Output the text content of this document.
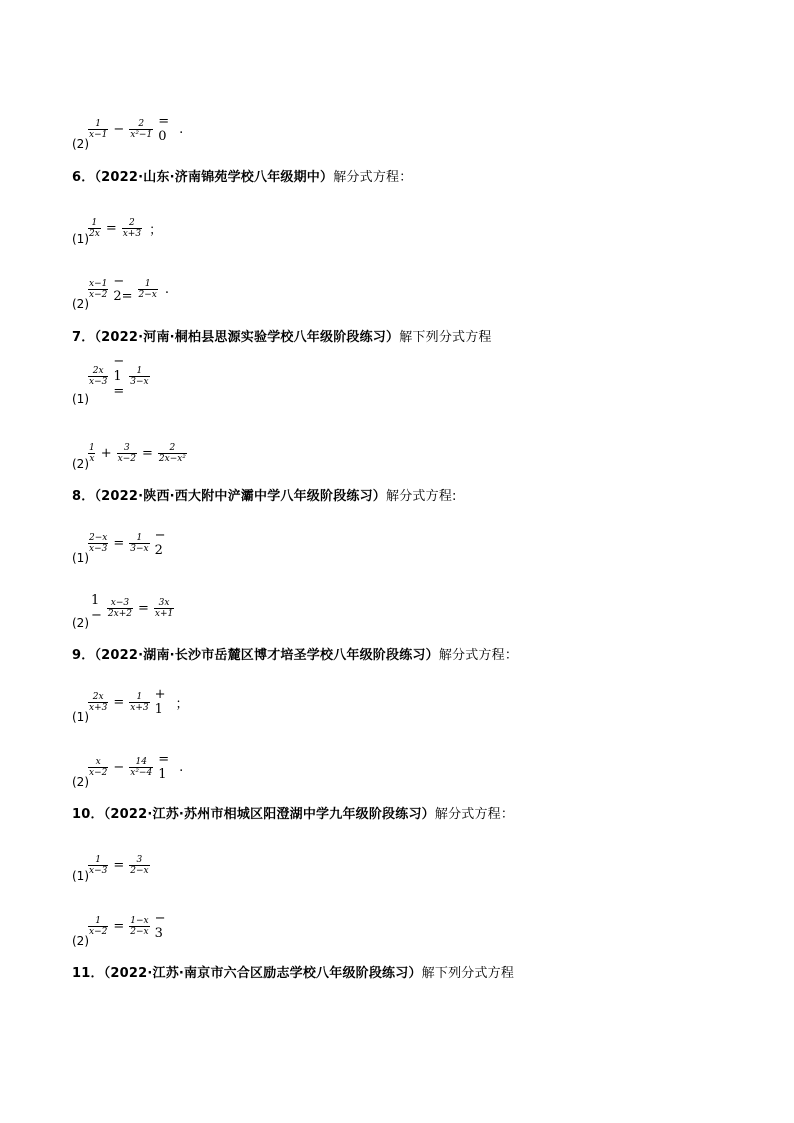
(2)
$\frac{1}{x-1} - \frac{2}{\text{x²−1}} = 0$ .
6．（2022·山东·济南锦苑学校八年级期中）解分式方程：
$(1) \frac{1}{2x} = \frac{2}{x+3}$ ；
(2)
$\frac{x-1}{x-2} - 2= \frac{1}{2-x}$ .
7．（2022·河南·桐柏县思源实验学校八年级阶段练习）解下列分式方程
(1)
$\frac{2x}{x-3}$
− 1 =
$\frac{1}{3-x}$
$(2) \frac{1}{x} + \frac{3}{x-2} = \frac{2}{\text{2x−x²}}$
8．（2022·陕西·西大附中浐灞中学八年级阶段练习）解分式方程:
(1)
$\frac{2-x}{x-3} = \frac{1}{3-x} - 2$
(2)
$1 - \frac{x-3}{2x+2} = \frac{3x}{x+1}$
9．（2022·湖南·长沙市岳麓区博才培圣学校八年级阶段练习）解分式方程：
(1)
$\frac{2x}{x+3} = \frac{1}{x+3} + 1$ ；
(2)
$\frac{x}{x-2} - \frac{14}{\text{x²−4}} = 1$ .
10．（2022·江苏·苏州市相城区阳澄湖中学九年级阶段练习）解分式方程：
$(1) \frac{1}{x-3} = \frac{3}{2-x}$
(2)
$\frac{1}{x-2} = \frac{1-x}{2-x} - 3$
11．（2022·江苏·南京市六合区励志学校八年级阶段练习）解下列分式方程
